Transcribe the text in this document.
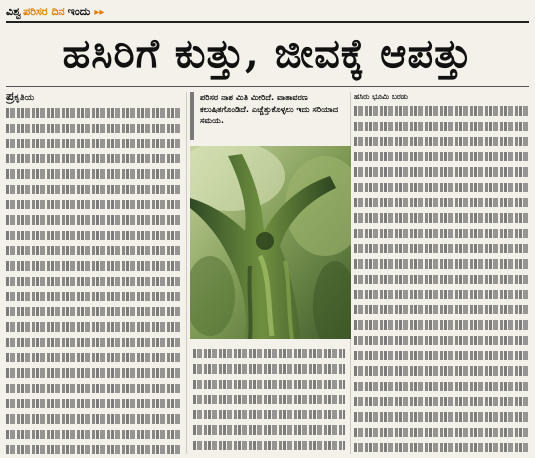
ವಿಶ್ವ ಪರಿಸರ ದಿನ ಇಂದು ▸▸
ಹಸಿರಿಗೆ ಕುತ್ತು, ಜೀವಕ್ಕೆ ಆಪತ್ತು
ಪ್ರಕೃತಿಯ	ಪರಿಸರ ನಾಶ ಮಿತಿ ಮೀರಿದೆ. ವಾತಾವರಣ ಕಲುಷಿತಗೊಂಡಿದೆ. ಎಚ್ಚೆತ್ತುಕೊಳ್ಳಲು ಇದು ಸರಿಯಾದ ಸಮಯ.
ಹಸಿರು ಭೂಮಿ ಬರಡು
